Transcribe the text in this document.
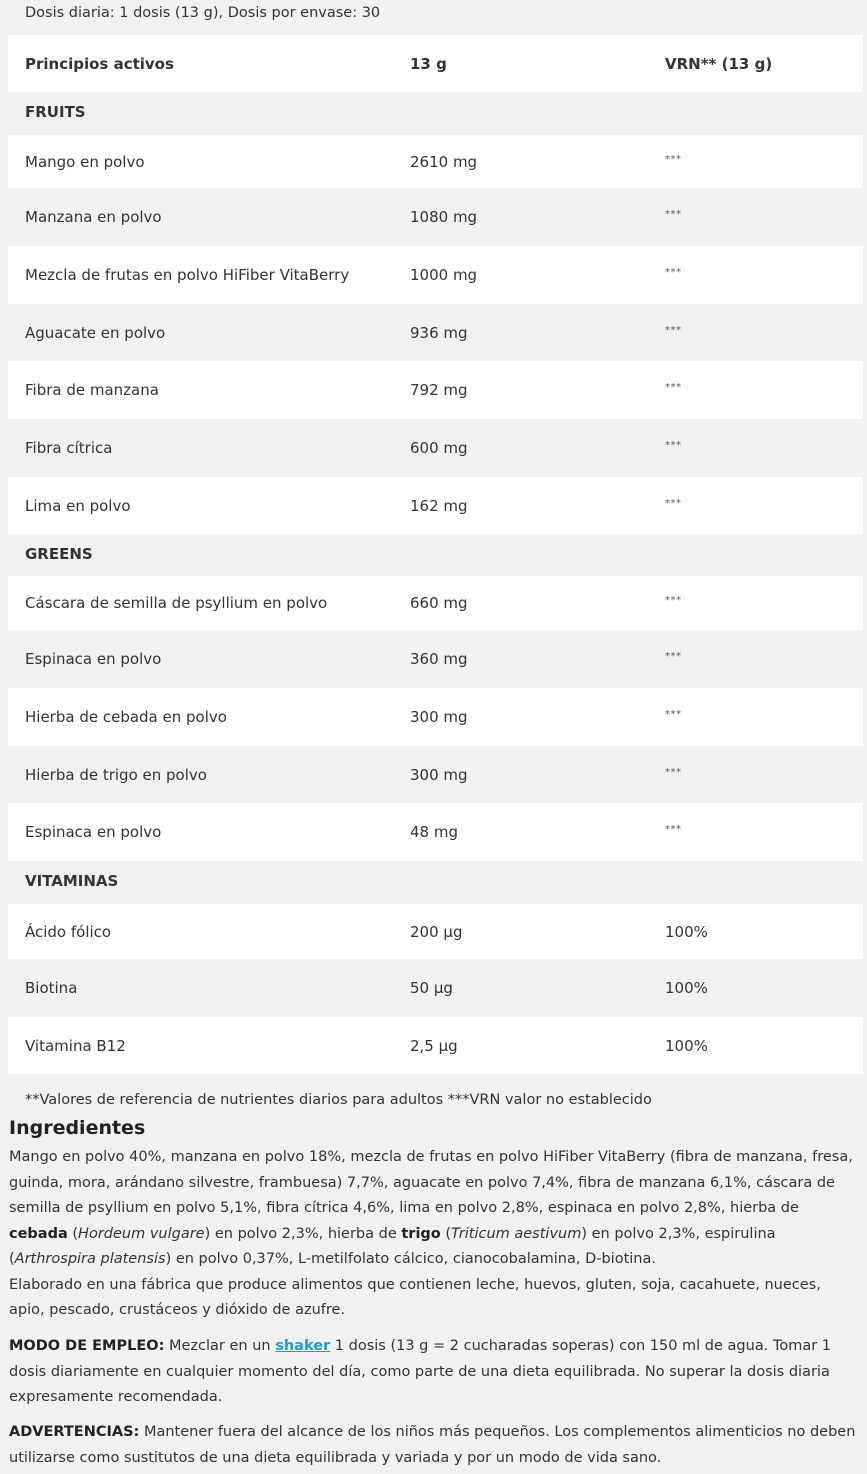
Dosis diaria: 1 dosis (13 g), Dosis por envase: 30
Principios activos	13 g	VRN** (13 g)
FRUITS
Mango en polvo	2610 mg	***
Manzana en polvo	1080 mg	***
Mezcla de frutas en polvo HiFiber VitaBerry	1000 mg	***
Aguacate en polvo	936 mg	***
Fibra de manzana	792 mg	***
Fibra cítrica	600 mg	***
Lima en polvo	162 mg	***
GREENS
Cáscara de semilla de psyllium en polvo	660 mg	***
Espinaca en polvo	360 mg	***
Hierba de cebada en polvo	300 mg	***
Hierba de trigo en polvo	300 mg	***
Espinaca en polvo	48 mg	***
VITAMINAS
Ácido fólico	200 µg	100%
Biotina	50 µg	100%
Vitamina B12	2,5 µg	100%
**Valores de referencia de nutrientes diarios para adultos ***VRN valor no establecido
Ingredientes
Mango en polvo 40%, manzana en polvo 18%, mezcla de frutas en polvo HiFiber VitaBerry (fibra de manzana, fresa, guinda, mora, arándano silvestre, frambuesa) 7,7%, aguacate en polvo 7,4%, fibra de manzana 6,1%, cáscara de semilla de psyllium en polvo 5,1%, fibra cítrica 4,6%, lima en polvo 2,8%, espinaca en polvo 2,8%, hierba de cebada (Hordeum vulgare) en polvo 2,3%, hierba de trigo (Triticum aestivum) en polvo 2,3%, espirulina (Arthrospira platensis) en polvo 0,37%, L-metilfolato cálcico, cianocobalamina, D-biotina.
Elaborado en una fábrica que produce alimentos que contienen leche, huevos, gluten, soja, cacahuete, nueces, apio, pescado, crustáceos y dióxido de azufre.
MODO DE EMPLEO: Mezclar en un shaker 1 dosis (13 g = 2 cucharadas soperas) con 150 ml de agua. Tomar 1 dosis diariamente en cualquier momento del día, como parte de una dieta equilibrada. No superar la dosis diaria expresamente recomendada.
ADVERTENCIAS: Mantener fuera del alcance de los niños más pequeños. Los complementos alimenticios no deben utilizarse como sustitutos de una dieta equilibrada y variada y por un modo de vida sano.
